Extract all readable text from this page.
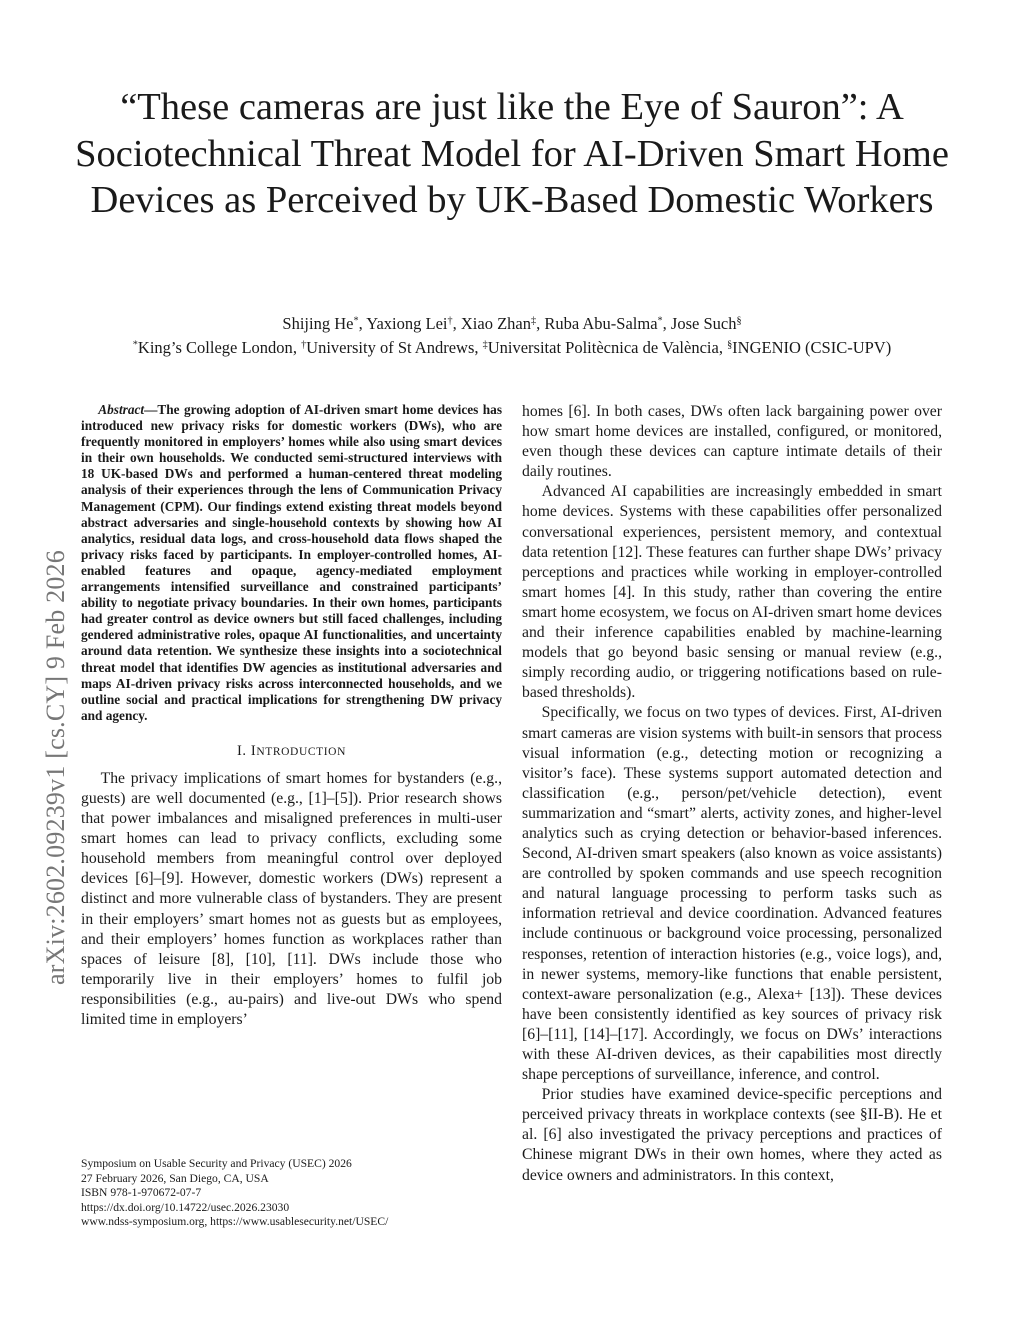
“These cameras are just like the Eye of Sauron”: A Sociotechnical Threat Model for AI-Driven Smart Home Devices as Perceived by UK-Based Domestic Workers
Shijing He*, Yaxiong Lei†, Xiao Zhan‡, Ruba Abu-Salma*, Jose Such§
*King’s College London, †University of St Andrews, ‡Universitat Politècnica de València, §INGENIO (CSIC-UPV)
arXiv:2602.09239v1 [cs.CY] 9 Feb 2026

Abstract—The growing adoption of AI-driven smart home devices has introduced new privacy risks for domestic workers (DWs), who are frequently monitored in employers’ homes while also using smart devices in their own households. We conducted semi-structured interviews with 18 UK-based DWs and performed a human-centered threat modeling analysis of their experiences through the lens of Communication Privacy Management (CPM). Our findings extend existing threat models beyond abstract adversaries and single-household contexts by showing how AI analytics, residual data logs, and cross-household data flows shaped the privacy risks faced by participants. In employer-controlled homes, AI-enabled features and opaque, agency-mediated employment arrangements intensified surveillance and constrained participants’ ability to negotiate privacy boundaries. In their own homes, participants had greater control as device owners but still faced challenges, including gendered administrative roles, opaque AI functionalities, and uncertainty around data retention. We synthesize these insights into a sociotechnical threat model that identifies DW agencies as institutional adversaries and maps AI-driven privacy risks across interconnected households, and we outline social and practical implications for strengthening DW privacy and agency.

I. INTRODUCTION

The privacy implications of smart homes for bystanders (e.g., guests) are well documented (e.g., [1]–[5]). Prior research shows that power imbalances and misaligned preferences in multi-user smart homes can lead to privacy conflicts, excluding some household members from meaningful control over deployed devices [6]–[9]. However, domestic workers (DWs) represent a distinct and more vulnerable class of bystanders. They are present in their employers’ smart homes not as guests but as employees, and their employers’ homes function as workplaces rather than spaces of leisure [8], [10], [11]. DWs include those who temporarily live in their employers’ homes to fulfil job responsibilities (e.g., au-pairs) and live-out DWs who spend limited time in employers’

homes [6]. In both cases, DWs often lack bargaining power over how smart home devices are installed, configured, or monitored, even though these devices can capture intimate details of their daily routines.

Advanced AI capabilities are increasingly embedded in smart home devices. Systems with these capabilities offer personalized conversational experiences, persistent memory, and contextual data retention [12]. These features can further shape DWs’ privacy perceptions and practices while working in employer-controlled smart homes [4]. In this study, rather than covering the entire smart home ecosystem, we focus on AI-driven smart home devices and their inference capabilities enabled by machine-learning models that go beyond basic sensing or manual review (e.g., simply recording audio, or triggering notifications based on rule-based thresholds).

Specifically, we focus on two types of devices. First, AI-driven smart cameras are vision systems with built-in sensors that process visual information (e.g., detecting motion or recognizing a visitor’s face). These systems support automated detection and classification (e.g., person/pet/vehicle detection), event summarization and “smart” alerts, activity zones, and higher-level analytics such as crying detection or behavior-based inferences. Second, AI-driven smart speakers (also known as voice assistants) are controlled by spoken commands and use speech recognition and natural language processing to perform tasks such as information retrieval and device coordination. Advanced features include continuous or background voice processing, personalized responses, retention of interaction histories (e.g., voice logs), and, in newer systems, memory-like functions that enable persistent, context-aware personalization (e.g., Alexa+ [13]). These devices have been consistently identified as key sources of privacy risk [6]–[11], [14]–[17]. Accordingly, we focus on DWs’ interactions with these AI-driven devices, as their capabilities most directly shape perceptions of surveillance, inference, and control.

Prior studies have examined device-specific perceptions and perceived privacy threats in workplace contexts (see §II-B). He et al. [6] also investigated the privacy perceptions and practices of Chinese migrant DWs in their own homes, where they acted as device owners and administrators. In this context,

Symposium on Usable Security and Privacy (USEC) 2026
27 February 2026, San Diego, CA, USA
ISBN 978-1-970672-07-7
https://dx.doi.org/10.14722/usec.2026.23030
www.ndss-symposium.org, https://www.usablesecurity.net/USEC/
